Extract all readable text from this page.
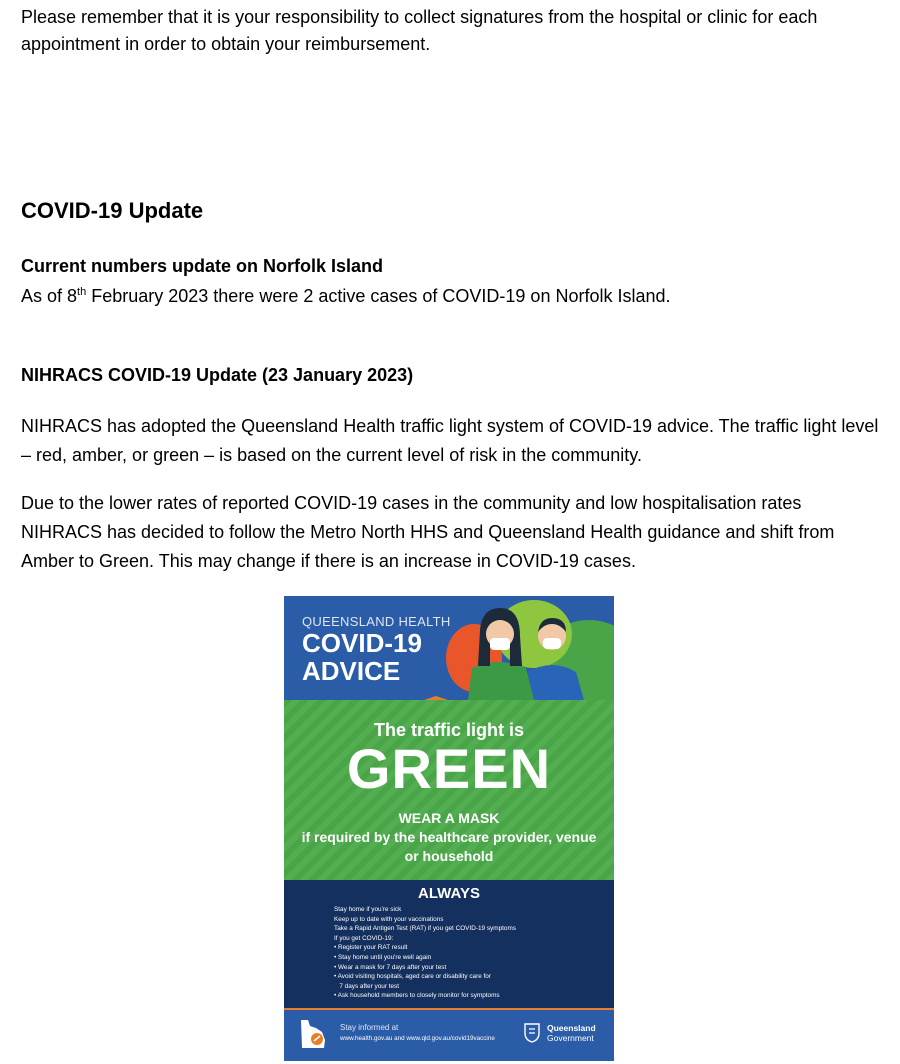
Please remember that it is your responsibility to collect signatures from the hospital or clinic for each appointment in order to obtain your reimbursement.

COVID-19 Update
Current numbers update on Norfolk Island
As of 8th February 2023 there were 2 active cases of COVID-19 on Norfolk Island.
NIHRACS COVID-19 Update (23 January 2023)

NIHRACS has adopted the Queensland Health traffic light system of COVID-19 advice. The traffic light level – red, amber, or green – is based on the current level of risk in the community.

Due to the lower rates of reported COVID-19 cases in the community and low hospitalisation rates NIHRACS has decided to follow the Metro North HHS and Queensland Health guidance and shift from Amber to Green. This may change if there is an increase in COVID-19 cases.

QUEENSLAND HEALTH
COVID-19
ADVICE
The traffic light is
GREEN
WEAR A MASK
if required by the healthcare provider, venue or household
ALWAYS
Stay home if you're sick
Keep up to date with your vaccinations
Take a Rapid Antigen Test (RAT) if you get COVID-19 symptoms
If you get COVID-19:
• Register your RAT result
• Stay home until you're well again
• Wear a mask for 7 days after your test
• Avoid visiting hospitals, aged care or disability care for
7 days after your test
• Ask household members to closely monitor for symptoms
Stay informed at
www.health.gov.au and www.qld.gov.au/covid19vaccine
Queensland
Government
